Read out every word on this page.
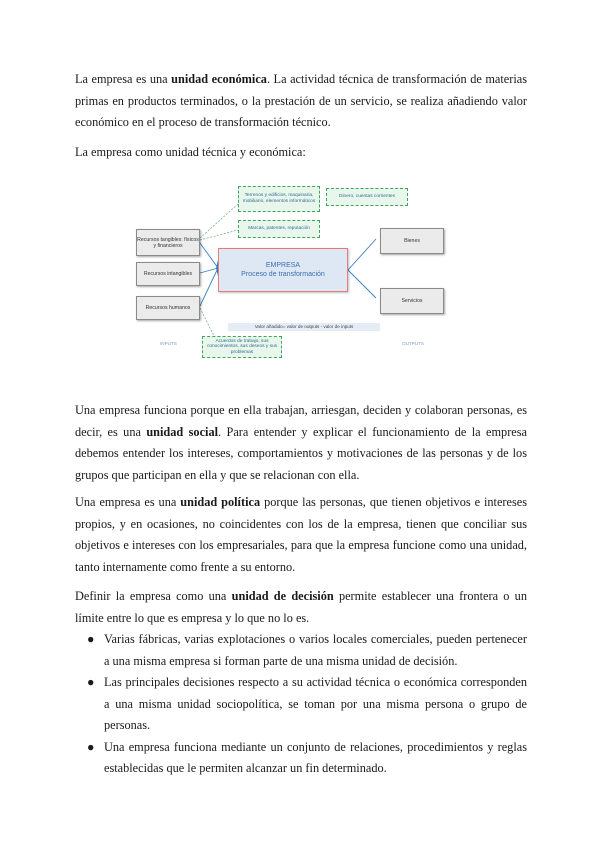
La empresa es una unidad económica. La actividad técnica de transformación de materias primas en productos terminados, o la prestación de un servicio, se realiza añadiendo valor económico en el proceso de transformación técnico.

La empresa como unidad técnica y económica:

Terrenos y edificios, maquinaria, mobiliario, elementos informáticos
Dinero, cuentas corrientes
Marcas, patentes, reputación
Recursos tangibles: físicos y financieros
Recursos intangibles
Recursos humanos
EMPRESA
Proceso de transformación
Bienes
Servicios
Valor añadido= valor de outputs - valor de inputs
INPUTS	OUTPUTS
Acuerdos de trabajo, sus conocimientos, sus deseos y sus problemas

Una empresa funciona porque en ella trabajan, arriesgan, deciden y colaboran personas, es decir, es una unidad social. Para entender y explicar el funcionamiento de la empresa debemos entender los intereses, comportamientos y motivaciones de las personas y de los grupos que participan en ella y que se relacionan con ella.

Una empresa es una unidad política porque las personas, que tienen objetivos e intereses propios, y en ocasiones, no coincidentes con los de la empresa, tienen que conciliar sus objetivos e intereses con los empresariales, para que la empresa funcione como una unidad, tanto internamente como frente a su entorno.

Definir la empresa como una unidad de decisión permite establecer una frontera o un límite entre lo que es empresa y lo que no lo es.

● Varias fábricas, varias explotaciones o varios locales comerciales, pueden pertenecer a una misma empresa si forman parte de una misma unidad de decisión.
● Las principales decisiones respecto a su actividad técnica o económica corresponden a una misma unidad sociopolítica, se toman por una misma persona o grupo de personas.
● Una empresa funciona mediante un conjunto de relaciones, procedimientos y reglas establecidas que le permiten alcanzar un fin determinado.
